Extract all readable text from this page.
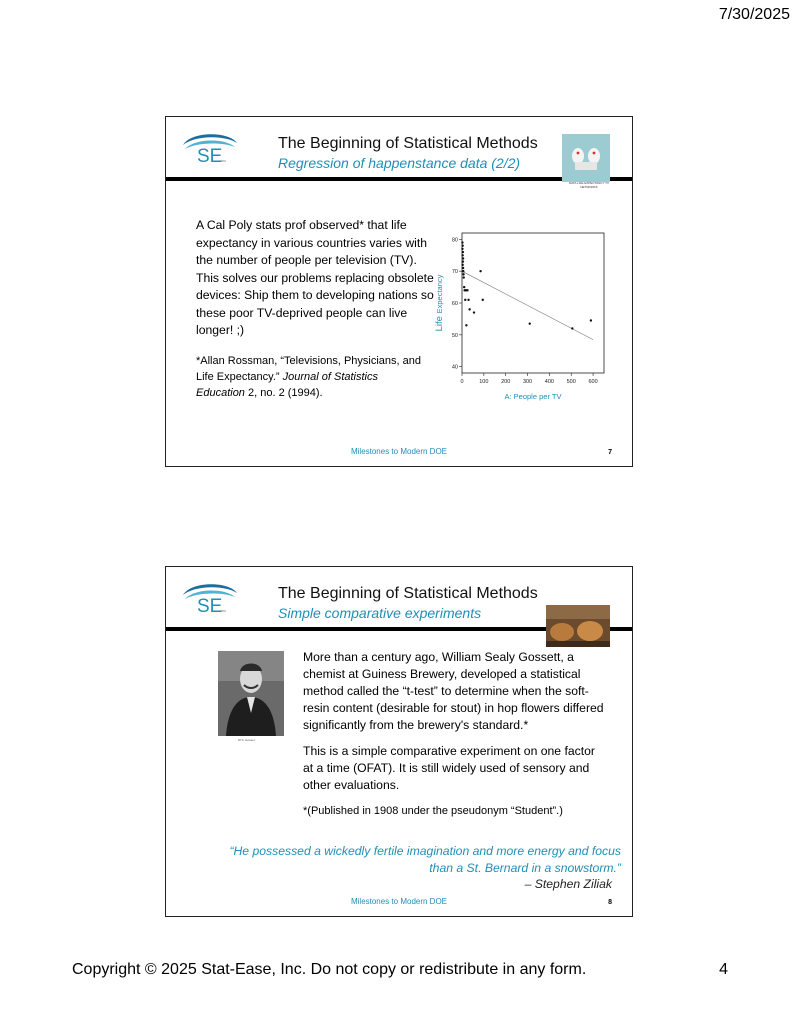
7/30/2025
SE
inc
The Beginning of Statistical Methods
Regression of happenstance data (2/2)
DATA LIFE EXPECTANCY TV NETWORKS
A Cal Poly stats prof observed* that life expectancy in various countries varies with the number of people per television (TV). This solves our problems replacing obsolete devices: Ship them to developing nations so these poor TV-deprived people can live longer! ;)
*Allan Rossman, “Televisions, Physicians, and Life Expectancy.” Journal of Statistics Education 2, no. 2 (1994).
40
50
60
70
80
0	100 200 300 400 500 600
A: People per TV
Life Expectancy
Milestones to Modern DOE	7
SE
inc
The Beginning of Statistical Methods
Simple comparative experiments
W.S. Gosset

More than a century ago, William Sealy Gossett, a chemist at Guiness Brewery, developed a statistical method called the “t-test” to determine when the soft-resin content (desirable for stout) in hop flowers differed significantly from the brewery's standard.*

This is a simple comparative experiment on one factor at a time (OFAT). It is still widely used of sensory and other evaluations.

*(Published in 1908 under the pseudonym “Student”.)

“He possessed a wickedly fertile imagination and more energy and focus than a St. Bernard in a snowstorm.”
– Stephen Ziliak
Milestones to Modern DOE	8
Copyright © 2025 Stat-Ease, Inc. Do not copy or redistribute in any form.	4
